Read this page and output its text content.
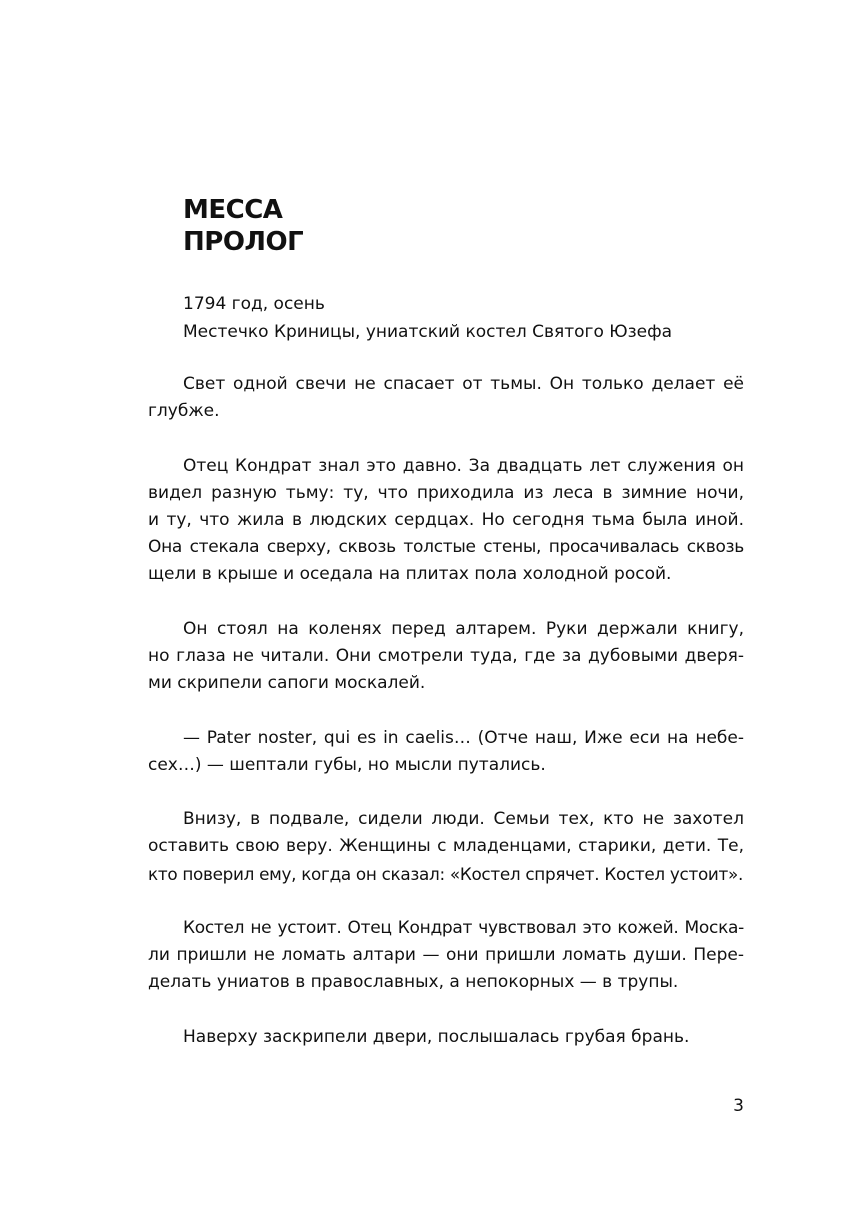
МЕССА
ПРОЛОГ
1794 год, осень
Местечко Криницы, униатский костел Святого Юзефа
Свет одной свечи не спасает от тьмы. Он только делает её
глубже.
Отец Кондрат знал это давно. За двадцать лет служения он
видел разную тьму: ту, что приходила из леса в зимние ночи,
и ту, что жила в людских сердцах. Но сегодня тьма была иной.
Она стекала сверху, сквозь толстые стены, просачивалась сквозь
щели в крыше и оседала на плитах пола холодной росой.
Он стоял на коленях перед алтарем. Руки держали книгу,
но глаза не читали. Они смотрели туда, где за дубовыми дверя-
ми скрипели сапоги москалей.
— Pater noster, qui es in caelis… (Отче наш, Иже еси на небе-
сех…) — шептали губы, но мысли путались.
Внизу, в подвале, сидели люди. Семьи тех, кто не захотел
оставить свою веру. Женщины с младенцами, старики, дети. Те,
кто поверил ему, когда он сказал: «Костел спрячет. Костел устоит».
Костел не устоит. Отец Кондрат чувствовал это кожей. Моска-
ли пришли не ломать алтари — они пришли ломать души. Пере-
делать униатов в православных, а непокорных — в трупы.
Наверху заскрипели двери, послышалась грубая брань.
3
